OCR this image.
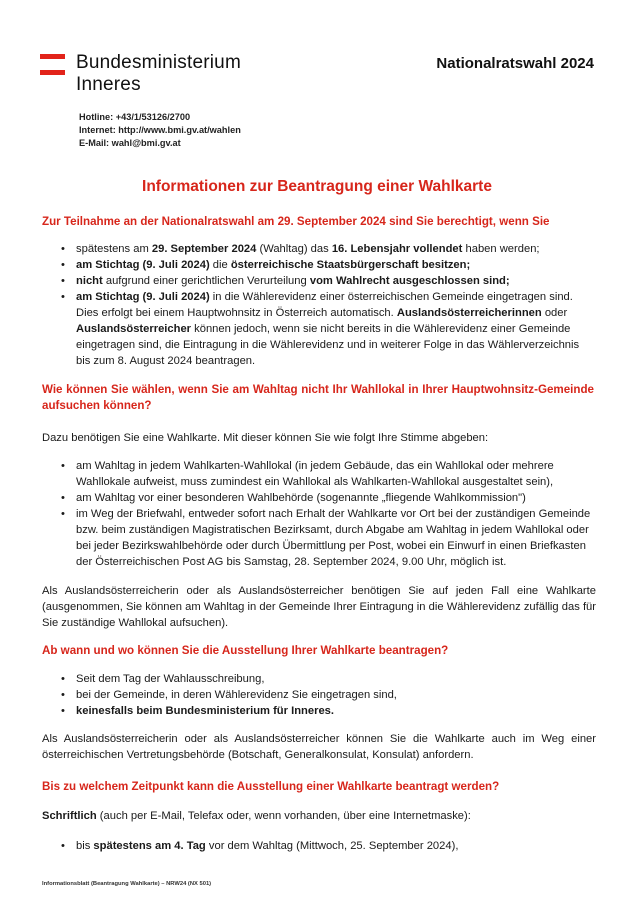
Bundesministerium
Inneres
Nationalratswahl 2024
Hotline: +43/1/53126/2700
Internet: http://www.bmi.gv.at/wahlen
E-Mail: wahl@bmi.gv.at
Informationen zur Beantragung einer Wahlkarte
Zur Teilnahme an der Nationalratswahl am 29. September 2024 sind Sie berechtigt, wenn Sie
• spätestens am 29. September 2024 (Wahltag) das 16. Lebensjahr vollendet haben werden;
• am Stichtag (9. Juli 2024) die österreichische Staatsbürgerschaft besitzen;
• nicht aufgrund einer gerichtlichen Verurteilung vom Wahlrecht ausgeschlossen sind;
• am Stichtag (9. Juli 2024) in die Wählerevidenz einer österreichischen Gemeinde eingetragen sind. Dies erfolgt bei einem Hauptwohnsitz in Österreich automatisch. Auslandsösterreicherinnen oder Auslandsösterreicher können jedoch, wenn sie nicht bereits in die Wählerevidenz einer Gemeinde eingetragen sind, die Eintragung in die Wählerevidenz und in weiterer Folge in das Wählerverzeichnis bis zum 8. August 2024 beantragen.
Wie können Sie wählen, wenn Sie am Wahltag nicht Ihr Wahllokal in Ihrer Hauptwohnsitz-Gemeinde aufsuchen können?
Dazu benötigen Sie eine Wahlkarte. Mit dieser können Sie wie folgt Ihre Stimme abgeben:
• am Wahltag in jedem Wahlkarten-Wahllokal (in jedem Gebäude, das ein Wahllokal oder mehrere Wahllokale aufweist, muss zumindest ein Wahllokal als Wahlkarten-Wahllokal ausgestaltet sein),
• am Wahltag vor einer besonderen Wahlbehörde (sogenannte „fliegende Wahlkommission")
• im Weg der Briefwahl, entweder sofort nach Erhalt der Wahlkarte vor Ort bei der zuständigen Gemeinde bzw. beim zuständigen Magistratischen Bezirksamt, durch Abgabe am Wahltag in jedem Wahllokal oder bei jeder Bezirkswahlbehörde oder durch Übermittlung per Post, wobei ein Einwurf in einen Briefkasten der Österreichischen Post AG bis Samstag, 28. September 2024, 9.00 Uhr, möglich ist.
Als Auslandsösterreicherin oder als Auslandsösterreicher benötigen Sie auf jeden Fall eine Wahlkarte (ausgenommen, Sie können am Wahltag in der Gemeinde Ihrer Eintragung in die Wählerevidenz zufällig das für Sie zuständige Wahllokal aufsuchen).
Ab wann und wo können Sie die Ausstellung Ihrer Wahlkarte beantragen?
• Seit dem Tag der Wahlausschreibung,
• bei der Gemeinde, in deren Wählerevidenz Sie eingetragen sind,
• keinesfalls beim Bundesministerium für Inneres.
Als Auslandsösterreicherin oder als Auslandsösterreicher können Sie die Wahlkarte auch im Weg einer österreichischen Vertretungsbehörde (Botschaft, Generalkonsulat, Konsulat) anfordern.
Bis zu welchem Zeitpunkt kann die Ausstellung einer Wahlkarte beantragt werden?
Schriftlich (auch per E-Mail, Telefax oder, wenn vorhanden, über eine Internetmaske):
• bis spätestens am 4. Tag vor dem Wahltag (Mittwoch, 25. September 2024),
Informationsblatt (Beantragung Wahlkarte) – NRW24 (NX 501)
